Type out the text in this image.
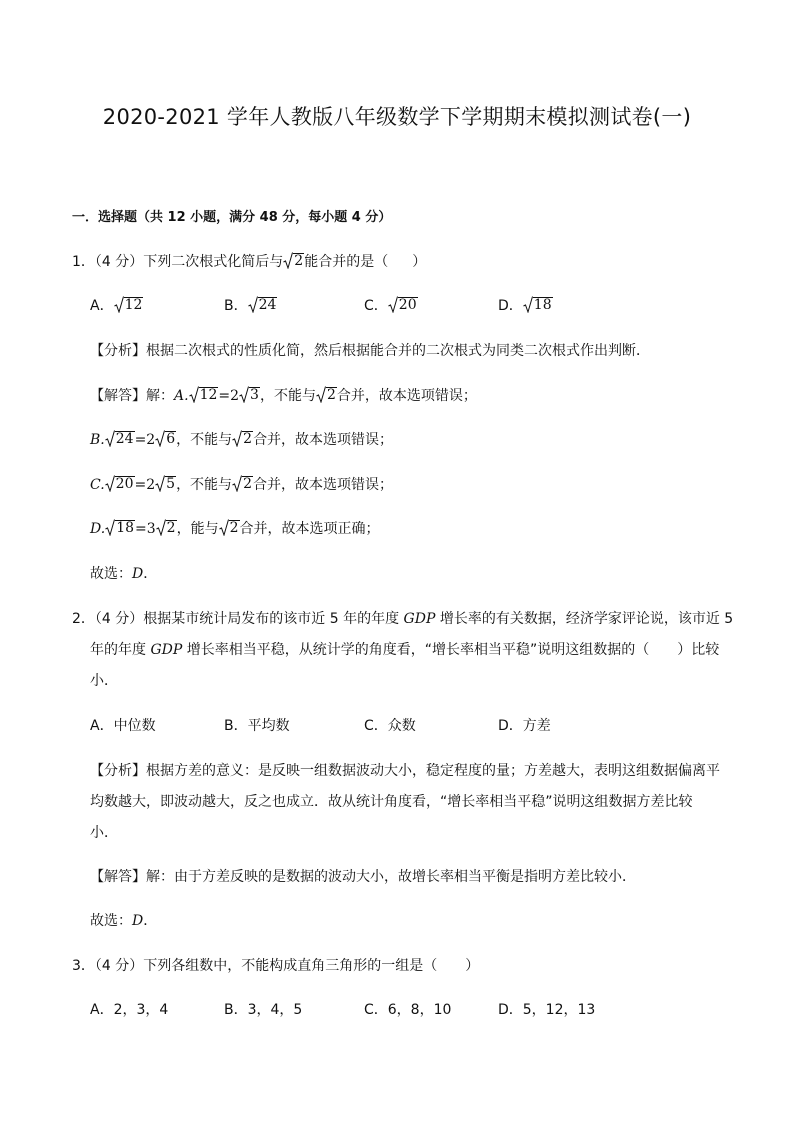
2020-2021 学年人教版八年级数学下学期期末模拟测试卷(一)
一．选择题（共 12 小题，满分 48 分，每小题 4 分）
1．（4 分）下列二次根式化简后与 2 能合并的是（ ）
A． 12	B． 24	C． 20	D． 18
【分析】根据二次根式的性质化简，然后根据能合并的二次根式为同类二次根式作出判断．
【解答】解：A. 12 =2 3 ，不能与 2 合并，故本选项错误；
B. 24 =2 6 ，不能与 2 合并，故本选项错误；
C. 20 =2 5 ，不能与 2 合并，故本选项错误；
D. 18 =3 2 ，能与 2 合并，故本选项正确；
故选：D．
2．（4 分）根据某市统计局发布的该市近 5 年的年度 GDP 增长率的有关数据，经济学家评论说，该市近 5
年的年度 GDP 增长率相当平稳，从统计学的角度看，“增长率相当平稳”说明这组数据的（　　）比较
小．
A．中位数	B．平均数	C．众数	D．方差
【分析】根据方差的意义：是反映一组数据波动大小，稳定程度的量；方差越大，表明这组数据偏离平
均数越大，即波动越大，反之也成立．故从统计角度看，“增长率相当平稳”说明这组数据方差比较
小．
【解答】解：由于方差反映的是数据的波动大小，故增长率相当平衡是指明方差比较小．
故选：D．
3．（4 分）下列各组数中，不能构成直角三角形的一组是（　　）
A．2，3，4	B．3，4，5	C．6，8，10	D．5，12，13
